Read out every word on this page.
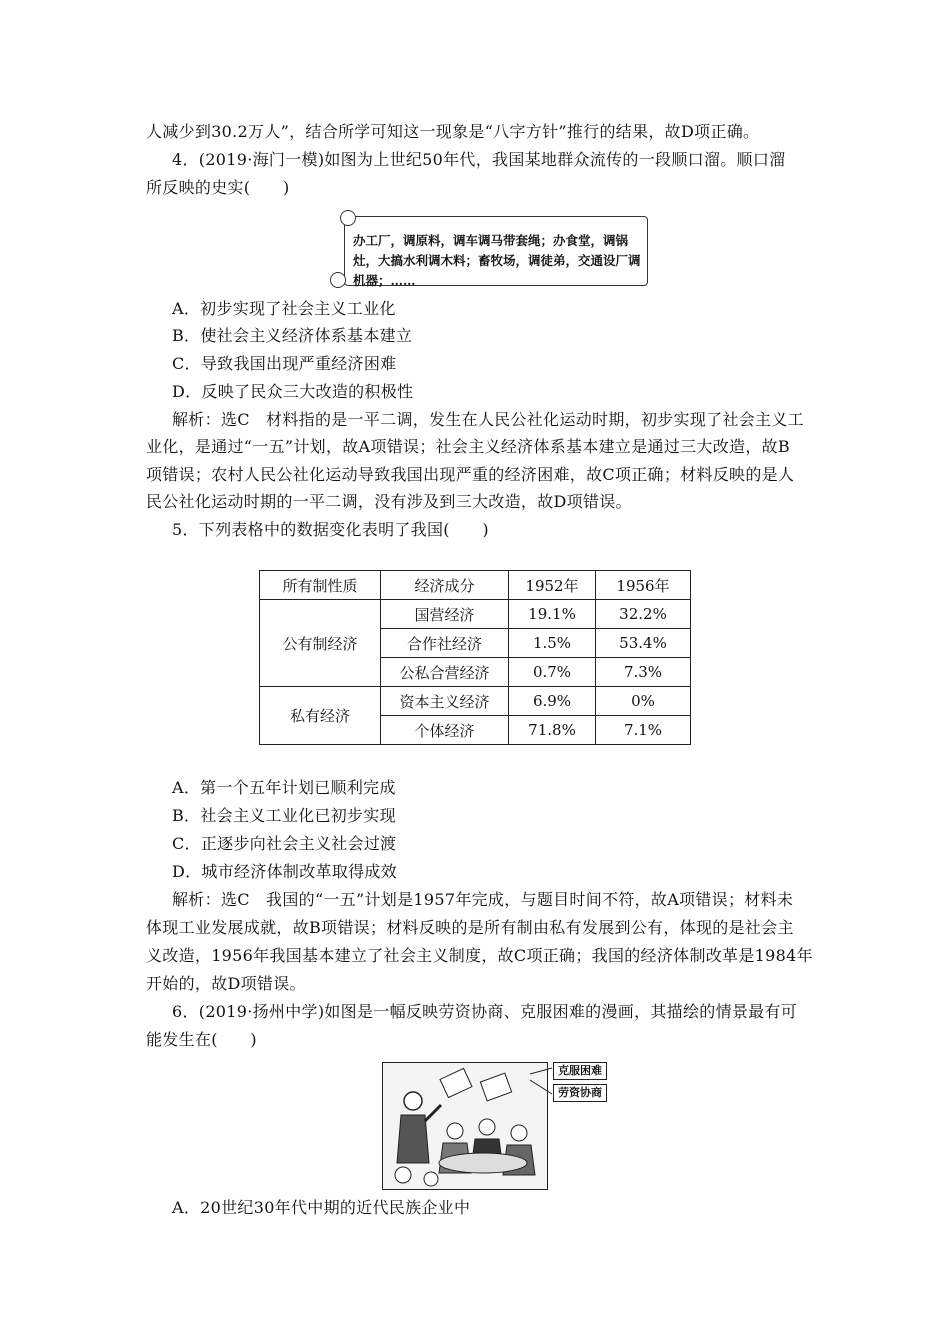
人减少到30.2万人”，结合所学可知这一现象是“八字方针”推行的结果，故D项正确。
4．(2019·海门一模)如图为上世纪50年代，我国某地群众流传的一段顺口溜。顺口溜
所反映的史实(　　)
办工厂，调原料，调车调马带套绳；办食堂，调锅灶，大搞水利调木料；畜牧场，调徒弟，交通设厂调机器；……
A．初步实现了社会主义工业化
B．使社会主义经济体系基本建立
C．导致我国出现严重经济困难
D．反映了民众三大改造的积极性
解析：选C　材料指的是一平二调，发生在人民公社化运动时期，初步实现了社会主义工
业化，是通过“一五”计划，故A项错误；社会主义经济体系基本建立是通过三大改造，故B
项错误；农村人民公社化运动导致我国出现严重的经济困难，故C项正确；材料反映的是人
民公社化运动时期的一平二调，没有涉及到三大改造，故D项错误。
5．下列表格中的数据变化表明了我国(　　)
所有制性质	经济成分	1952年	1956年
公有制经济	国营经济	19.1%	32.2%
	合作社经济	1.5%	53.4%
	公私合营经济	0.7%	7.3%
私有经济	资本主义经济	6.9%	0%
	个体经济	71.8%	7.1%
A．第一个五年计划已顺利完成
B．社会主义工业化已初步实现
C．正逐步向社会主义社会过渡
D．城市经济体制改革取得成效
解析：选C　我国的“一五”计划是1957年完成，与题目时间不符，故A项错误；材料未
体现工业发展成就，故B项错误；材料反映的是所有制由私有发展到公有，体现的是社会主
义改造，1956年我国基本建立了社会主义制度，故C项正确；我国的经济体制改革是1984年
开始的，故D项错误。
6．(2019·扬州中学)如图是一幅反映劳资协商、克服困难的漫画，其描绘的情景最有可
能发生在(　　)
克服困难
劳资协商
A．20世纪30年代中期的近代民族企业中
